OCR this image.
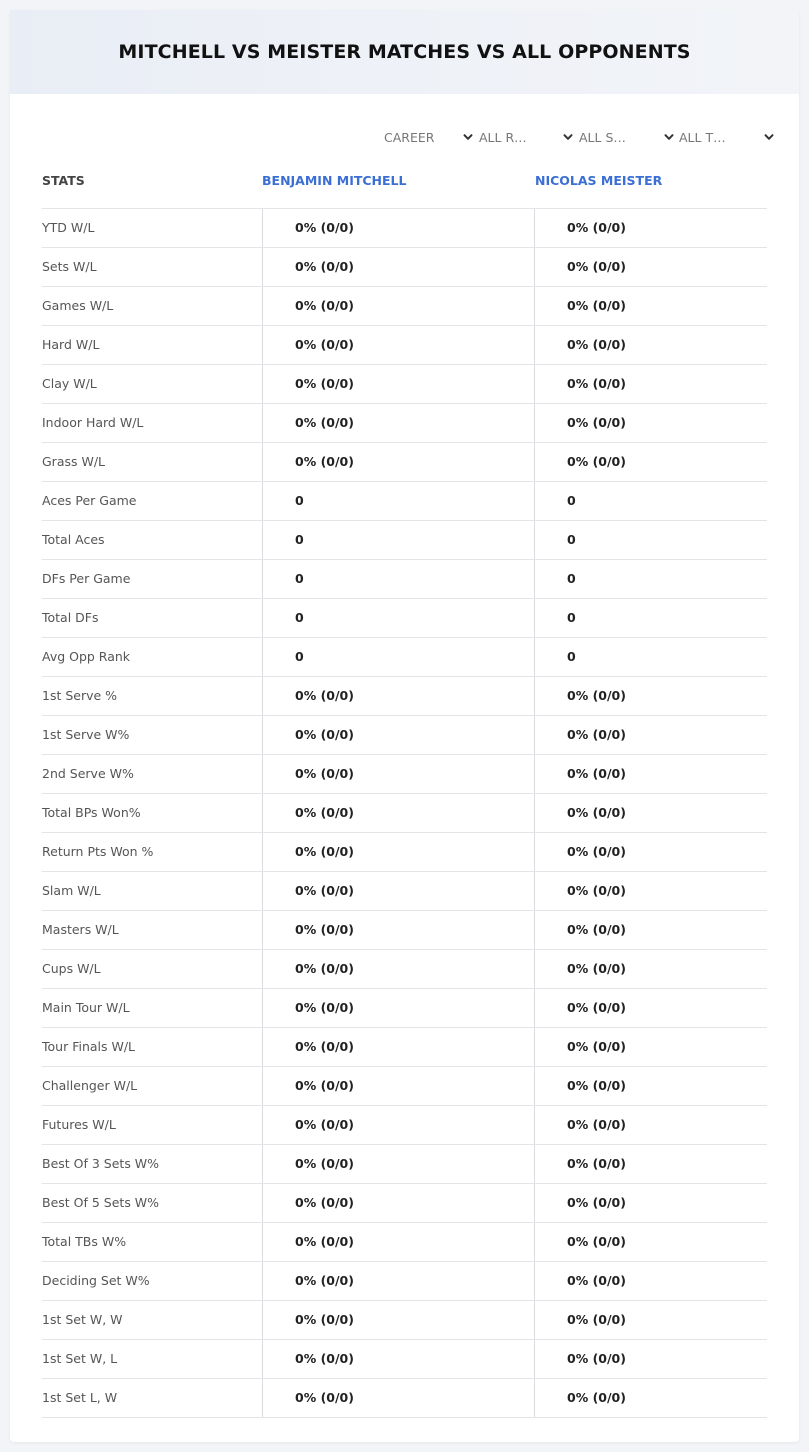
MITCHELL VS MEISTER MATCHES VS ALL OPPONENTS
CAREER	ALL R…	ALL S…	ALL T…
STATS	BENJAMIN MITCHELL	NICOLAS MEISTER
YTD W/L	0% (0/0)	0% (0/0)
Sets W/L	0% (0/0)	0% (0/0)
Games W/L	0% (0/0)	0% (0/0)
Hard W/L	0% (0/0)	0% (0/0)
Clay W/L	0% (0/0)	0% (0/0)
Indoor Hard W/L	0% (0/0)	0% (0/0)
Grass W/L	0% (0/0)	0% (0/0)
Aces Per Game	0	0
Total Aces	0	0
DFs Per Game	0	0
Total DFs	0	0
Avg Opp Rank	0	0
1st Serve %	0% (0/0)	0% (0/0)
1st Serve W%	0% (0/0)	0% (0/0)
2nd Serve W%	0% (0/0)	0% (0/0)
Total BPs Won%	0% (0/0)	0% (0/0)
Return Pts Won %	0% (0/0)	0% (0/0)
Slam W/L	0% (0/0)	0% (0/0)
Masters W/L	0% (0/0)	0% (0/0)
Cups W/L	0% (0/0)	0% (0/0)
Main Tour W/L	0% (0/0)	0% (0/0)
Tour Finals W/L	0% (0/0)	0% (0/0)
Challenger W/L	0% (0/0)	0% (0/0)
Futures W/L	0% (0/0)	0% (0/0)
Best Of 3 Sets W%	0% (0/0)	0% (0/0)
Best Of 5 Sets W%	0% (0/0)	0% (0/0)
Total TBs W%	0% (0/0)	0% (0/0)
Deciding Set W%	0% (0/0)	0% (0/0)
1st Set W, W	0% (0/0)	0% (0/0)
1st Set W, L	0% (0/0)	0% (0/0)
1st Set L, W	0% (0/0)	0% (0/0)
